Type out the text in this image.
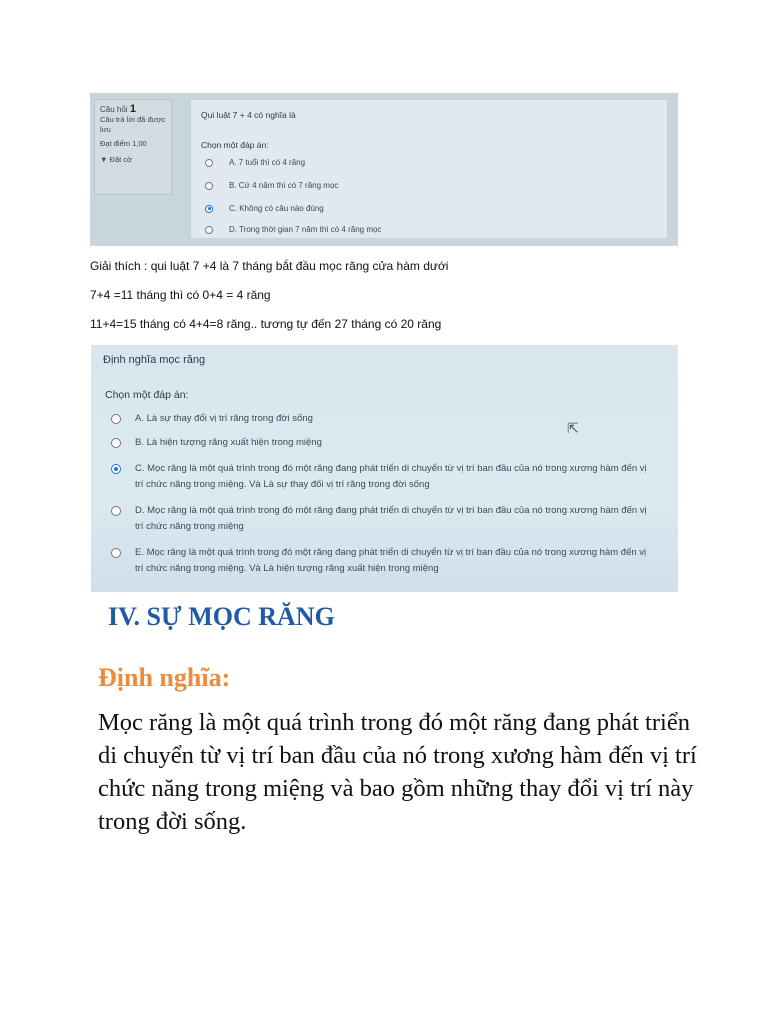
Câu hỏi 1
Câu trả lời đã được lưu
Đạt điểm 1,00
▼ Đặt cờ
Qui luật 7 + 4 có nghĩa là
Chọn một đáp án:
A. 7 tuổi thì có 4 răng
B. Cứ 4 năm thì có 7 răng mọc
C. Không có câu nào đúng
D. Trong thời gian 7 năm thì có 4 răng mọc
Giải thích : qui luật 7 +4 là 7 tháng bắt đầu mọc răng cửa hàm dưới
7+4 =11 tháng thì có 0+4 = 4 răng
11+4=15 tháng có 4+4=8 răng.. tương tự đến 27 tháng có 20 răng
Định nghĩa mọc răng
Chọn một đáp án:
A. Là sự thay đổi vị trí răng trong đời sống
B. Là hiện tượng răng xuất hiện trong miệng
C. Mọc răng là một quá trình trong đó một răng đang phát triển di chuyển từ vị trí ban đầu của nó trong xương hàm đến vị trí chức năng trong miệng. Và Là sự thay đổi vị trí răng trong đời sống
D. Mọc răng là một quá trình trong đó một răng đang phát triển di chuyển từ vị trí ban đầu của nó trong xương hàm đến vị trí chức năng trong miệng
E. Mọc răng là một quá trình trong đó một răng đang phát triển di chuyển từ vị trí ban đầu của nó trong xương hàm đến vị trí chức năng trong miệng. Và Là hiện tượng răng xuất hiện trong miệng
⇱
IV. SỰ MỌC RĂNG
Định nghĩa:
Mọc răng là một quá trình trong đó một răng đang phát triển di chuyển từ vị trí ban đầu của nó trong xương hàm đến vị trí chức năng trong miệng và bao gồm những thay đổi vị trí này trong đời sống.
